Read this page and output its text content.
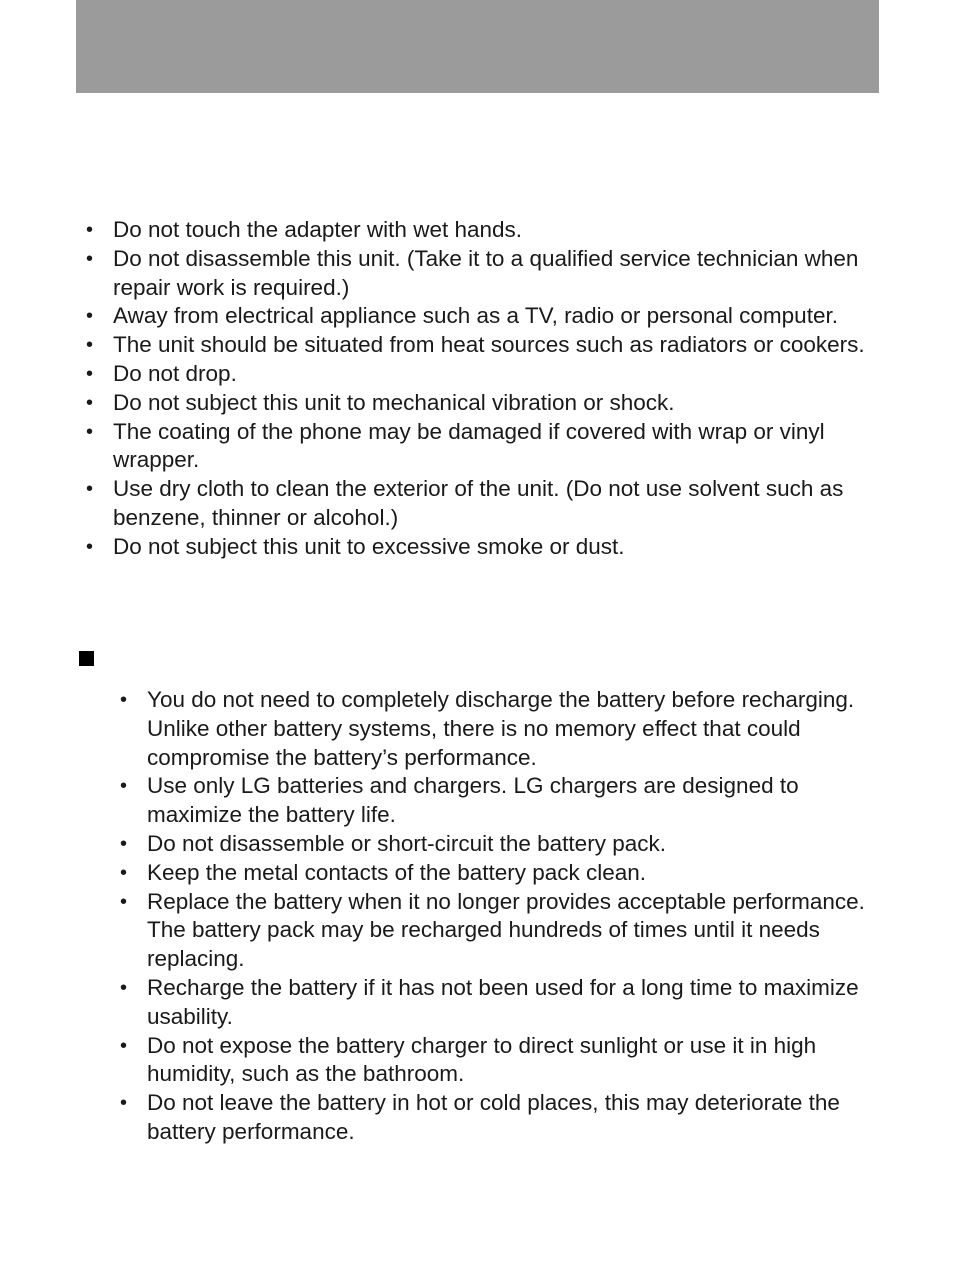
• Do not touch the adapter with wet hands.
• Do not disassemble this unit. (Take it to a qualified service technician when repair work is required.)
• Away from electrical appliance such as a TV, radio or personal computer.
• The unit should be situated from heat sources such as radiators or cookers.
• Do not drop.
• Do not subject this unit to mechanical vibration or shock.
• The coating of the phone may be damaged if covered with wrap or vinyl wrapper.
• Use dry cloth to clean the exterior of the unit. (Do not use solvent such as benzene, thinner or alcohol.)
• Do not subject this unit to excessive smoke or dust.
• You do not need to completely discharge the battery before recharging. Unlike other battery systems, there is no memory effect that could compromise the battery’s performance.
• Use only LG batteries and chargers. LG chargers are designed to maximize the battery life.
• Do not disassemble or short-circuit the battery pack.
• Keep the metal contacts of the battery pack clean.
• Replace the battery when it no longer provides acceptable performance. The battery pack may be recharged hundreds of times until it needs replacing.
• Recharge the battery if it has not been used for a long time to maximize usability.
• Do not expose the battery charger to direct sunlight or use it in high humidity, such as the bathroom.
• Do not leave the battery in hot or cold places, this may deteriorate the battery performance.
